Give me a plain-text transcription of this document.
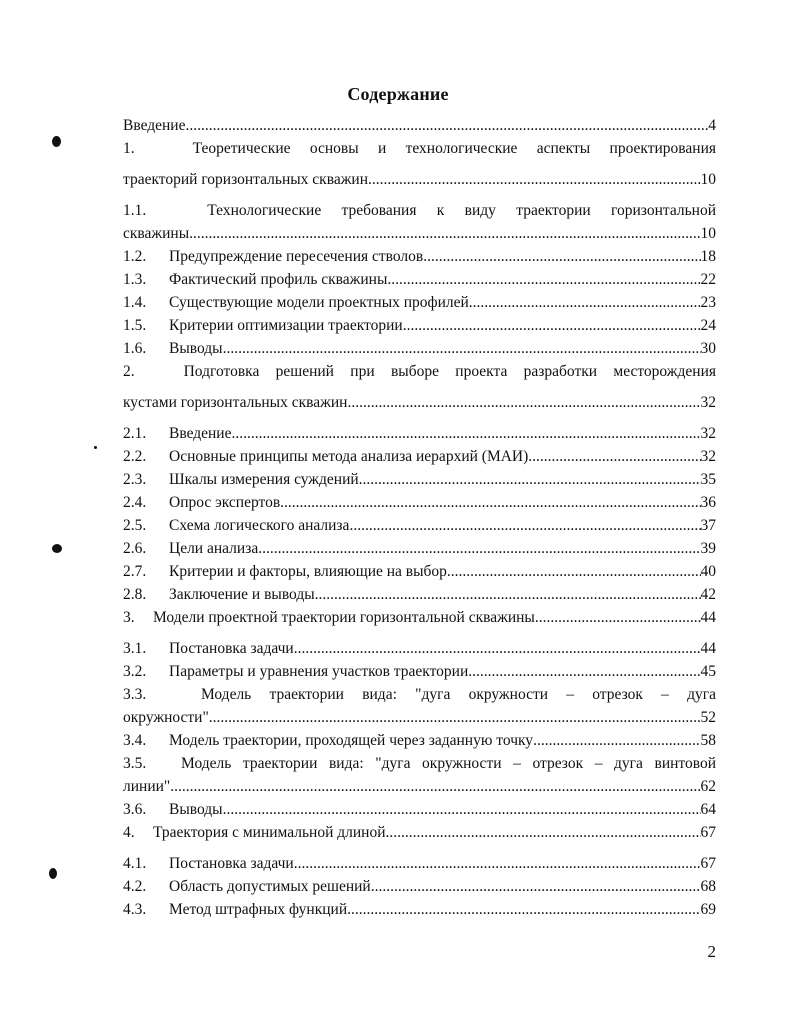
Содержание
Введение .....	4
1.	Теоретические основы и технологические аспекты проектирования
траекторий горизонтальных скважин .....	10
1.1.	Технологические требования к виду траектории горизонтальной
скважины .....	10
1.2.	Предупреждение пересечения стволов .....	18
1.3.	Фактический профиль скважины .....	22
1.4.	Существующие модели проектных профилей .....	23
1.5.	Критерии оптимизации траектории .....	24
1.6.	Выводы .....	30
2.	Подготовка решений при выборе проекта разработки месторождения
кустами горизонтальных скважин .....	32
2.1.	Введение .....	32
2.2.	Основные принципы метода анализа иерархий (МАИ) .....	32
2.3.	Шкалы измерения суждений .....	35
2.4.	Опрос экспертов .....	36
2.5.	Схема логического анализа .....	37
2.6.	Цели анализа .....	39
2.7.	Критерии и факторы, влияющие на выбор .....	40
2.8.	Заключение и выводы .....	42
3.	Модели проектной траектории горизонтальной скважины .....	44
3.1.	Постановка задачи .....	44
3.2.	Параметры и уравнения участков траектории .....	45
3.3.	Модель траектории вида: "дуга окружности – отрезок – дуга
окружности" .....	52
3.4.	Модель траектории, проходящей через заданную точку .....	58
3.5. Модель траектории вида: "дуга окружности – отрезок – дуга винтовой
линии" .....	62
3.6.	Выводы .....	64
4.	Траектория с минимальной длиной .....	67
4.1.	Постановка задачи .....	67
4.2.	Область допустимых решений .....	68
4.3.	Метод штрафных функций .....	69
2
